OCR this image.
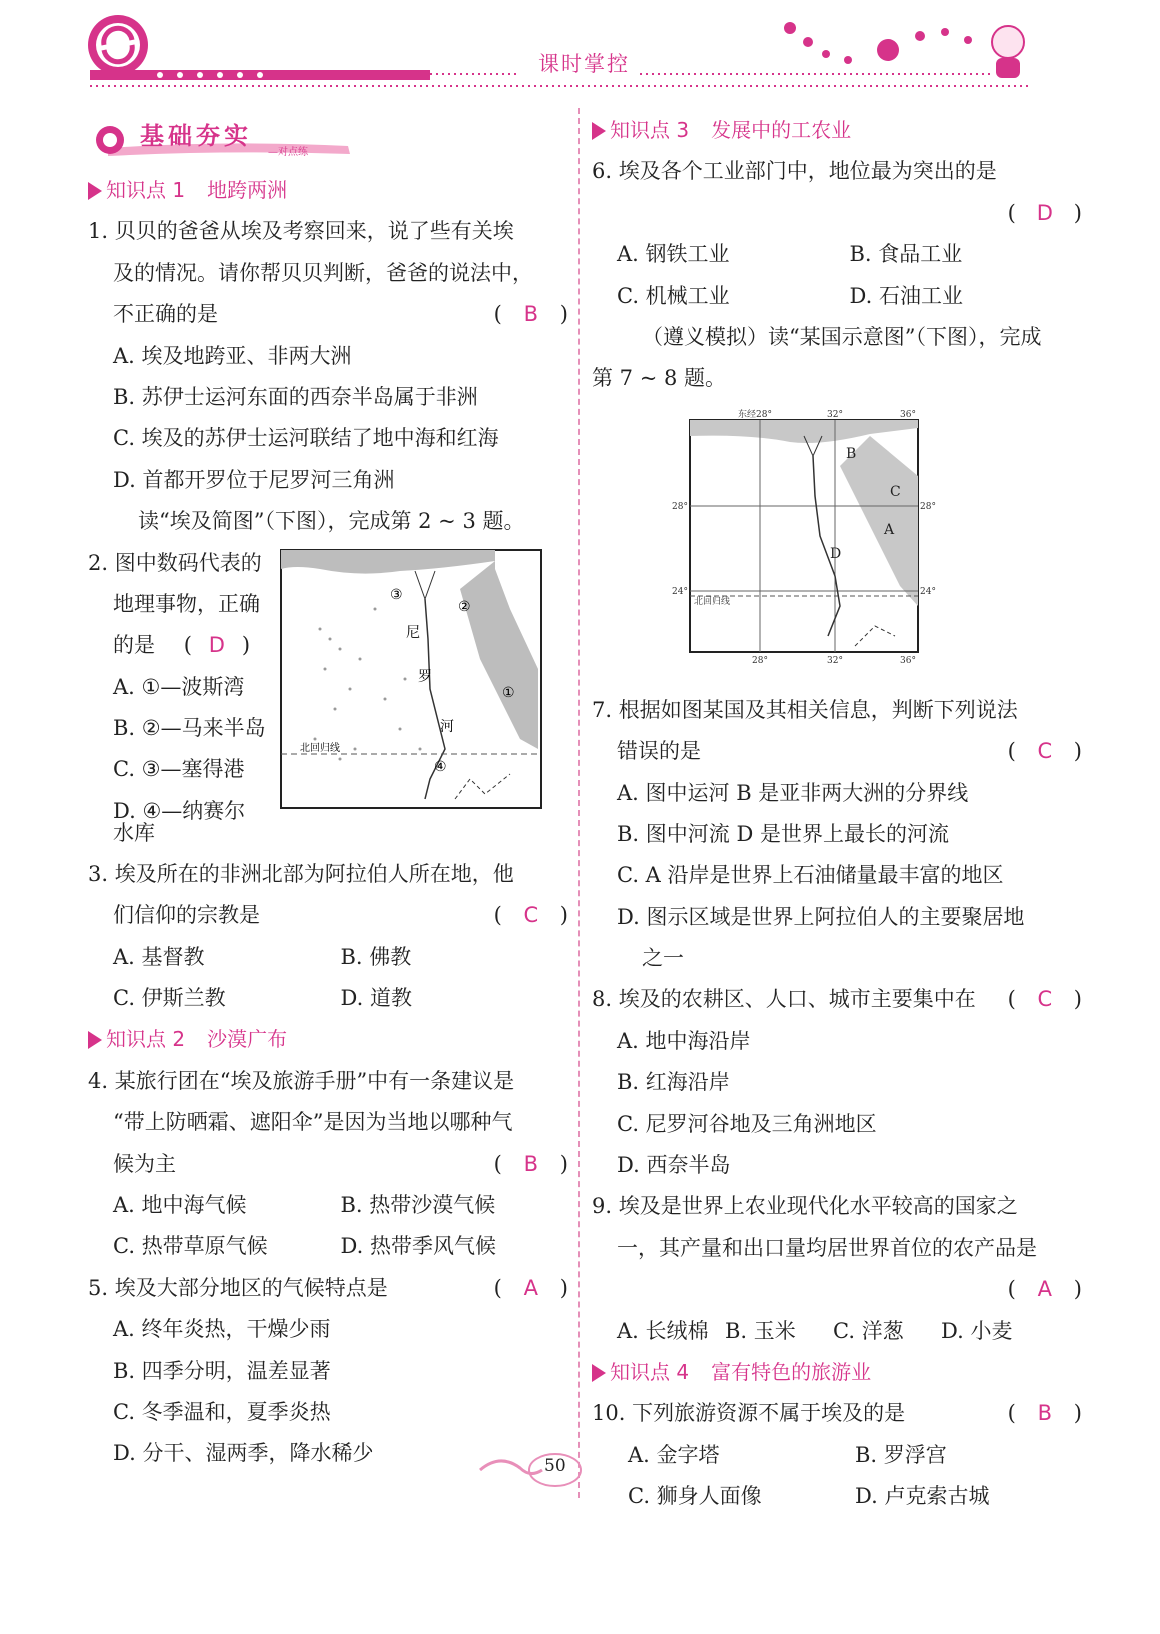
课时掌控
基础夯实
—对点练
知识点 1 地跨两洲
1. 贝贝的爸爸从埃及考察回来，说了些有关埃
及的情况。请你帮贝贝判断，爸爸的说法中，
不正确的是	( B )
A. 埃及地跨亚、非两大洲
B. 苏伊士运河东面的西奈半岛属于非洲
C. 埃及的苏伊士运河联结了地中海和红海
D. 首都开罗位于尼罗河三角洲
读“埃及简图”（下图），完成第 2 ~ 3 题。
2. 图中数码代表的
地理事物，正确
的是 ( D )
A. ①—波斯湾
B. ②—马来半岛
C. ③—塞得港
D. ④—纳赛尔
③
②
①
④
尼
罗
河
北回归线
水库
3. 埃及所在的非洲北部为阿拉伯人所在地，他
们信仰的宗教是	( C )
A. 基督教	B. 佛教
C. 伊斯兰教	D. 道教
知识点 2 沙漠广布
4. 某旅行团在“埃及旅游手册”中有一条建议是
“带上防晒霜、遮阳伞”是因为当地以哪种气
候为主	( B )
A. 地中海气候	B. 热带沙漠气候
C. 热带草原气候	D. 热带季风气候
5. 埃及大部分地区的气候特点是	( A )
A. 终年炎热，干燥少雨
B. 四季分明，温差显著
C. 冬季温和，夏季炎热
D. 分干、湿两季，降水稀少
知识点 3 发展中的工农业
6. 埃及各个工业部门中，地位最为突出的是
( D )
A. 钢铁工业	B. 食品工业
C. 机械工业	D. 石油工业
（遵义模拟）读“某国示意图”（下图），完成
第 7 ~ 8 题。
东经28°	32°	36°
28°	32°	36°
28°	28°
24°	24°
北回归线
A
B
C
D
7. 根据如图某国及其相关信息，判断下列说法
错误的是	( C )
A. 图中运河 B 是亚非两大洲的分界线
B. 图中河流 D 是世界上最长的河流
C. A 沿岸是世界上石油储量最丰富的地区
D. 图示区域是世界上阿拉伯人的主要聚居地
之一
8. 埃及的农耕区、人口、城市主要集中在 ( C )
A. 地中海沿岸
B. 红海沿岸
C. 尼罗河谷地及三角洲地区
D. 西奈半岛
9. 埃及是世界上农业现代化水平较高的国家之
一，其产量和出口量均居世界首位的农产品是
( A )
A. 长绒棉 B. 玉米	C. 洋葱	D. 小麦
知识点 4 富有特色的旅游业
10. 下列旅游资源不属于埃及的是	( B )
A. 金字塔	B. 罗浮宫
C. 狮身人面像	D. 卢克索古城
50
